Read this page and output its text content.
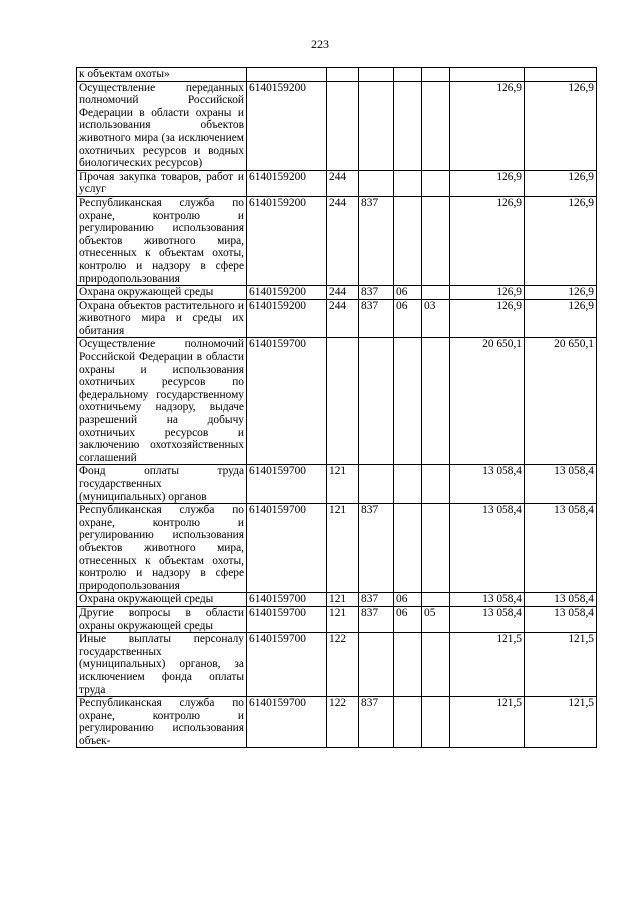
223
к объектам охоты»							
Осуществление переданных полномочий Российской Федерации в области охраны и использования объектов животного мира (за исключением охотничьих ресурсов и водных биологических ресурсов)	6140159200					126,9	126,9
Прочая закупка товаров, работ и услуг	6140159200	244				126,9	126,9
Республиканская служба по охране, контролю и регулированию использования объектов животного мира, отнесенных к объектам охоты, контролю и надзору в сфере природопользования	6140159200	244	837			126,9	126,9
Охрана окружающей среды	6140159200	244	837	06		126,9	126,9
Охрана объектов растительного и животного мира и среды их обитания	6140159200	244	837	06	03	126,9	126,9
Осуществление полномочий Российской Федерации в области охраны и использования охотничьих ресурсов по федеральному государственному охотничьему надзору, выдаче разрешений на добычу охотничьих ресурсов и заключению охотхозяйственных соглашений	6140159700					20 650,1	20 650,1
Фонд оплаты труда государственных (муниципальных) органов	6140159700	121				13 058,4	13 058,4
Республиканская служба по охране, контролю и регулированию использования объектов животного мира, отнесенных к объектам охоты, контролю и надзору в сфере природопользования	6140159700	121	837			13 058,4	13 058,4
Охрана окружающей среды	6140159700	121	837	06		13 058,4	13 058,4
Другие вопросы в области охраны окружающей среды	6140159700	121	837	06	05	13 058,4	13 058,4
Иные выплаты персоналу государственных (муниципальных) органов, за исключением фонда оплаты труда	6140159700	122				121,5	121,5
Республиканская служба по охране, контролю и регулированию использования объек-	6140159700	122	837			121,5	121,5
